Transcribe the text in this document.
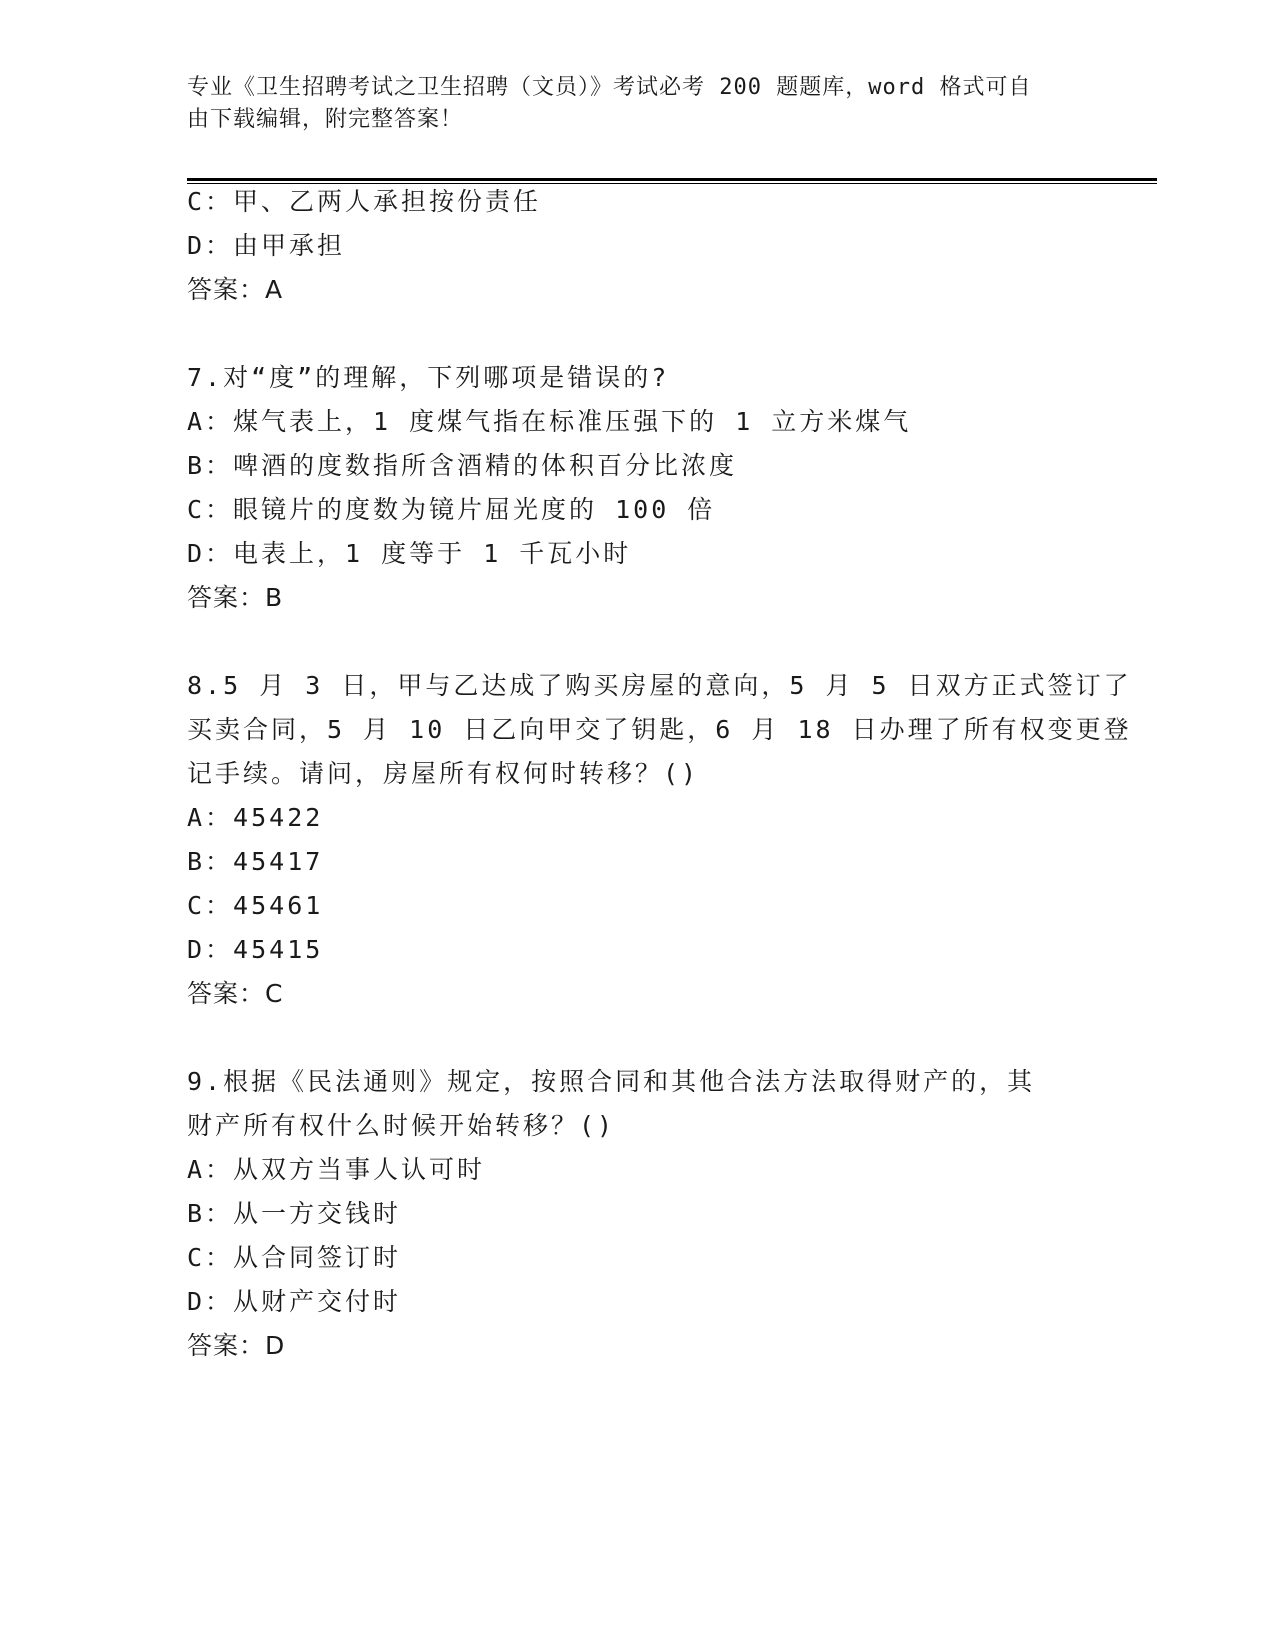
专业《卫生招聘考试之卫生招聘（文员）》考试必考 200 题题库，word 格式可自
由下载编辑，附完整答案！
C：甲、乙两人承担按份责任
D：由甲承担
答案：A
7.对“度”的理解，下列哪项是错误的?
A：煤气表上，1 度煤气指在标准压强下的 1 立方米煤气
B：啤酒的度数指所含酒精的体积百分比浓度
C：眼镜片的度数为镜片屈光度的 100 倍
D：电表上，1 度等于 1 千瓦小时
答案：B
8.5 月 3 日，甲与乙达成了购买房屋的意向，5 月 5 日双方正式签订了
买卖合同，5 月 10 日乙向甲交了钥匙，6 月 18 日办理了所有权变更登
记手续。请问，房屋所有权何时转移？()
A：45422
B：45417
C：45461
D：45415
答案：C
9.根据《民法通则》规定，按照合同和其他合法方法取得财产的，其
财产所有权什么时候开始转移？()
A：从双方当事人认可时
B：从一方交钱时
C：从合同签订时
D：从财产交付时
答案：D
